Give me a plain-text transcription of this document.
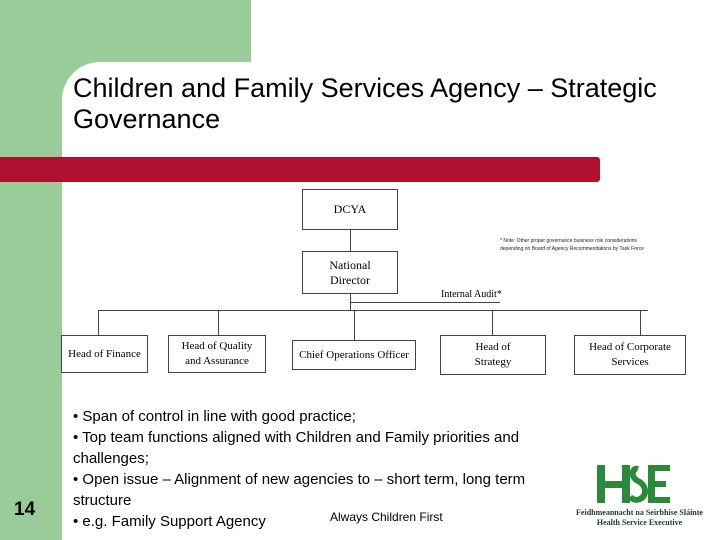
Children and Family Services Agency – Strategic Governance
DCYA
National Director
Internal Audit*
* Note: Other proper governance business role considerations depending on Board of Agency Recommendations by Task Force
Head of Finance
Head of Quality and Assurance
Chief Operations Officer
Head of Strategy
Head of Corporate Services
• Span of control in line with good practice;
• Top team functions aligned with Children and Family priorities and
challenges;
• Open issue – Alignment of new agencies to – short term, long term
structure
• e.g. Family Support Agency
14	Always Children First	Feidhmeannacht na Seirbhíse Sláinte
Health Service Executive
